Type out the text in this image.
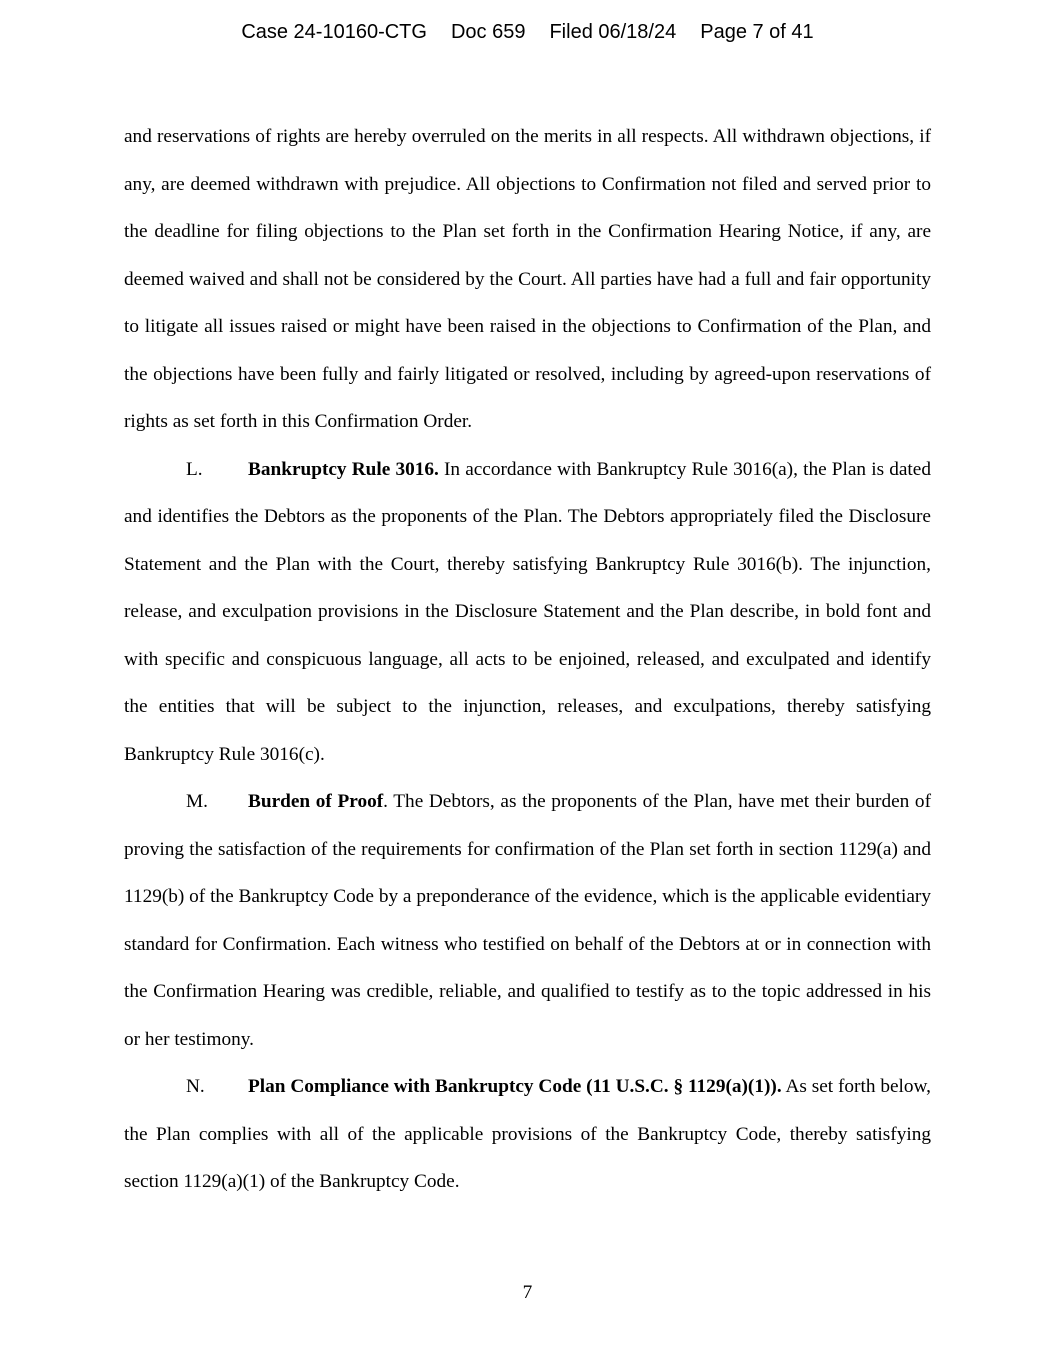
Case 24-10160-CTG Doc 659 Filed 06/18/24 Page 7 of 41

and reservations of rights are hereby overruled on the merits in all respects. All withdrawn objections, if any, are deemed withdrawn with prejudice. All objections to Confirmation not filed and served prior to the deadline for filing objections to the Plan set forth in the Confirmation Hearing Notice, if any, are deemed waived and shall not be considered by the Court. All parties have had a full and fair opportunity to litigate all issues raised or might have been raised in the objections to Confirmation of the Plan, and the objections have been fully and fairly litigated or resolved, including by agreed-upon reservations of rights as set forth in this Confirmation Order.

L. Bankruptcy Rule 3016. In accordance with Bankruptcy Rule 3016(a), the Plan is dated and identifies the Debtors as the proponents of the Plan. The Debtors appropriately filed the Disclosure Statement and the Plan with the Court, thereby satisfying Bankruptcy Rule 3016(b). The injunction, release, and exculpation provisions in the Disclosure Statement and the Plan describe, in bold font and with specific and conspicuous language, all acts to be enjoined, released, and exculpated and identify the entities that will be subject to the injunction, releases, and exculpations, thereby satisfying Bankruptcy Rule 3016(c).

M. Burden of Proof. The Debtors, as the proponents of the Plan, have met their burden of proving the satisfaction of the requirements for confirmation of the Plan set forth in section 1129(a) and 1129(b) of the Bankruptcy Code by a preponderance of the evidence, which is the applicable evidentiary standard for Confirmation. Each witness who testified on behalf of the Debtors at or in connection with the Confirmation Hearing was credible, reliable, and qualified to testify as to the topic addressed in his or her testimony.

N. Plan Compliance with Bankruptcy Code (11 U.S.C. § 1129(a)(1)). As set forth below, the Plan complies with all of the applicable provisions of the Bankruptcy Code, thereby satisfying section 1129(a)(1) of the Bankruptcy Code.

7
